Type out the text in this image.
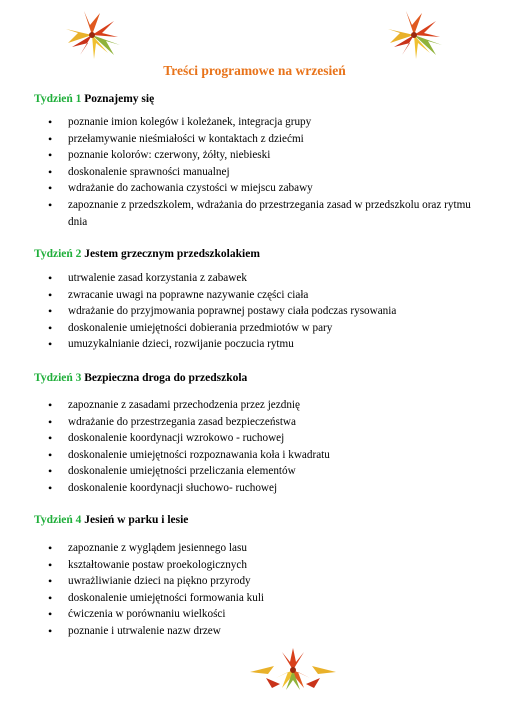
Treści programowe na wrzesień
Tydzień 1 Poznajemy się
• poznanie imion kolegów i koleżanek, integracja grupy
• przełamywanie nieśmiałości w kontaktach z dziećmi
• poznanie kolorów: czerwony, żółty, niebieski
• doskonalenie sprawności manualnej
• wdrażanie do zachowania czystości w miejscu zabawy
• zapoznanie z przedszkolem, wdrażania do przestrzegania zasad w przedszkolu oraz rytmu dnia
Tydzień 2 Jestem grzecznym przedszkolakiem
• utrwalenie zasad korzystania z zabawek
• zwracanie uwagi na poprawne nazywanie części ciała
• wdrażanie do przyjmowania poprawnej postawy ciała podczas rysowania
• doskonalenie umiejętności dobierania przedmiotów w pary
• umuzykalnianie dzieci, rozwijanie poczucia rytmu
Tydzień 3 Bezpieczna droga do przedszkola
• zapoznanie z zasadami przechodzenia przez jezdnię
• wdrażanie do przestrzegania zasad bezpieczeństwa
• doskonalenie koordynacji wzrokowo - ruchowej
• doskonalenie umiejętności rozpoznawania koła i kwadratu
• doskonalenie umiejętności przeliczania elementów
• doskonalenie koordynacji słuchowo- ruchowej
Tydzień 4 Jesień w parku i lesie
• zapoznanie z wyglądem jesiennego lasu
• kształtowanie postaw proekologicznych
• uwrażliwianie dzieci na piękno przyrody
• doskonalenie umiejętności formowania kuli
• ćwiczenia w porównaniu wielkości
• poznanie i utrwalenie nazw drzew
